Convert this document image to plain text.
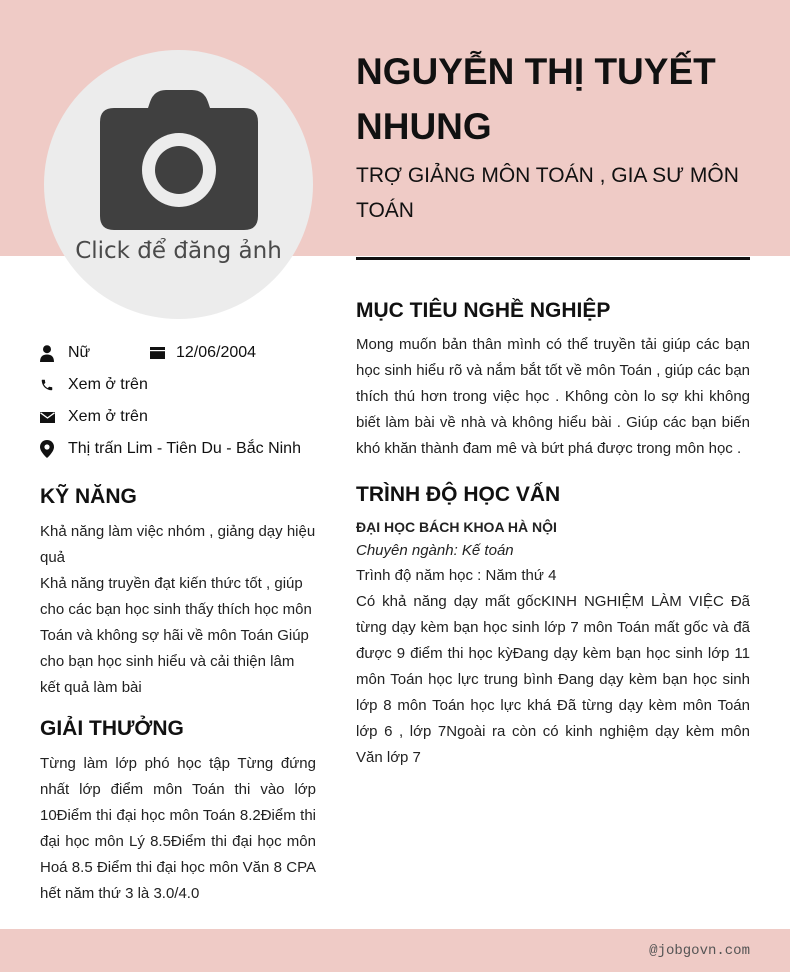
Click để đăng ảnh
NGUYỄN THỊ TUYẾT NHUNG
TRỢ GIẢNG MÔN TOÁN , GIA SƯ MÔN TOÁN
Nữ	12/06/2004
Xem ở trên
Xem ở trên
Thị trấn Lim - Tiên Du - Bắc Ninh
KỸ NĂNG
Khả năng làm việc nhóm , giảng dạy hiệu quả
Khả năng truyền đạt kiến thức tốt , giúp cho các bạn học sinh thấy thích học môn Toán và không sợ hãi về môn Toán Giúp cho bạn học sinh hiểu và cải thiện lâm kết quả làm bài
GIẢI THƯỞNG
Từng làm lớp phó học tập Từng đứng nhất lớp điểm môn Toán thi vào lớp 10Điểm thi đại học môn Toán 8.2Điểm thi đại học môn Lý 8.5Điểm thi đại học môn Hoá 8.5 Điểm thi đại học môn Văn 8 CPA hết năm thứ 3 là 3.0/4.0
MỤC TIÊU NGHỀ NGHIỆP
Mong muốn bản thân mình có thể truyền tải giúp các bạn học sinh hiểu rõ và nắm bắt tốt về môn Toán , giúp các bạn thích thú hơn trong việc học . Không còn lo sợ khi không biết làm bài về nhà và không hiểu bài . Giúp các bạn biến khó khăn thành đam mê và bứt phá được trong môn học .
TRÌNH ĐỘ HỌC VẤN
ĐẠI HỌC BÁCH KHOA HÀ NỘI
Chuyên ngành: Kế toán
Trình độ năm học : Năm thứ 4
Có khả năng dạy mất gốcKINH NGHIỆM LÀM VIỆC Đã từng dạy kèm bạn học sinh lớp 7 môn Toán mất gốc và đã được 9 điểm thi học kỳĐang dạy kèm bạn học sinh lớp 11 môn Toán học lực trung bình Đang dạy kèm bạn học sinh lớp 8 môn Toán học lực khá Đã từng dạy kèm môn Toán lớp 6 , lớp 7Ngoài ra còn có kinh nghiệm dạy kèm môn Văn lớp 7
@jobgovn.com
